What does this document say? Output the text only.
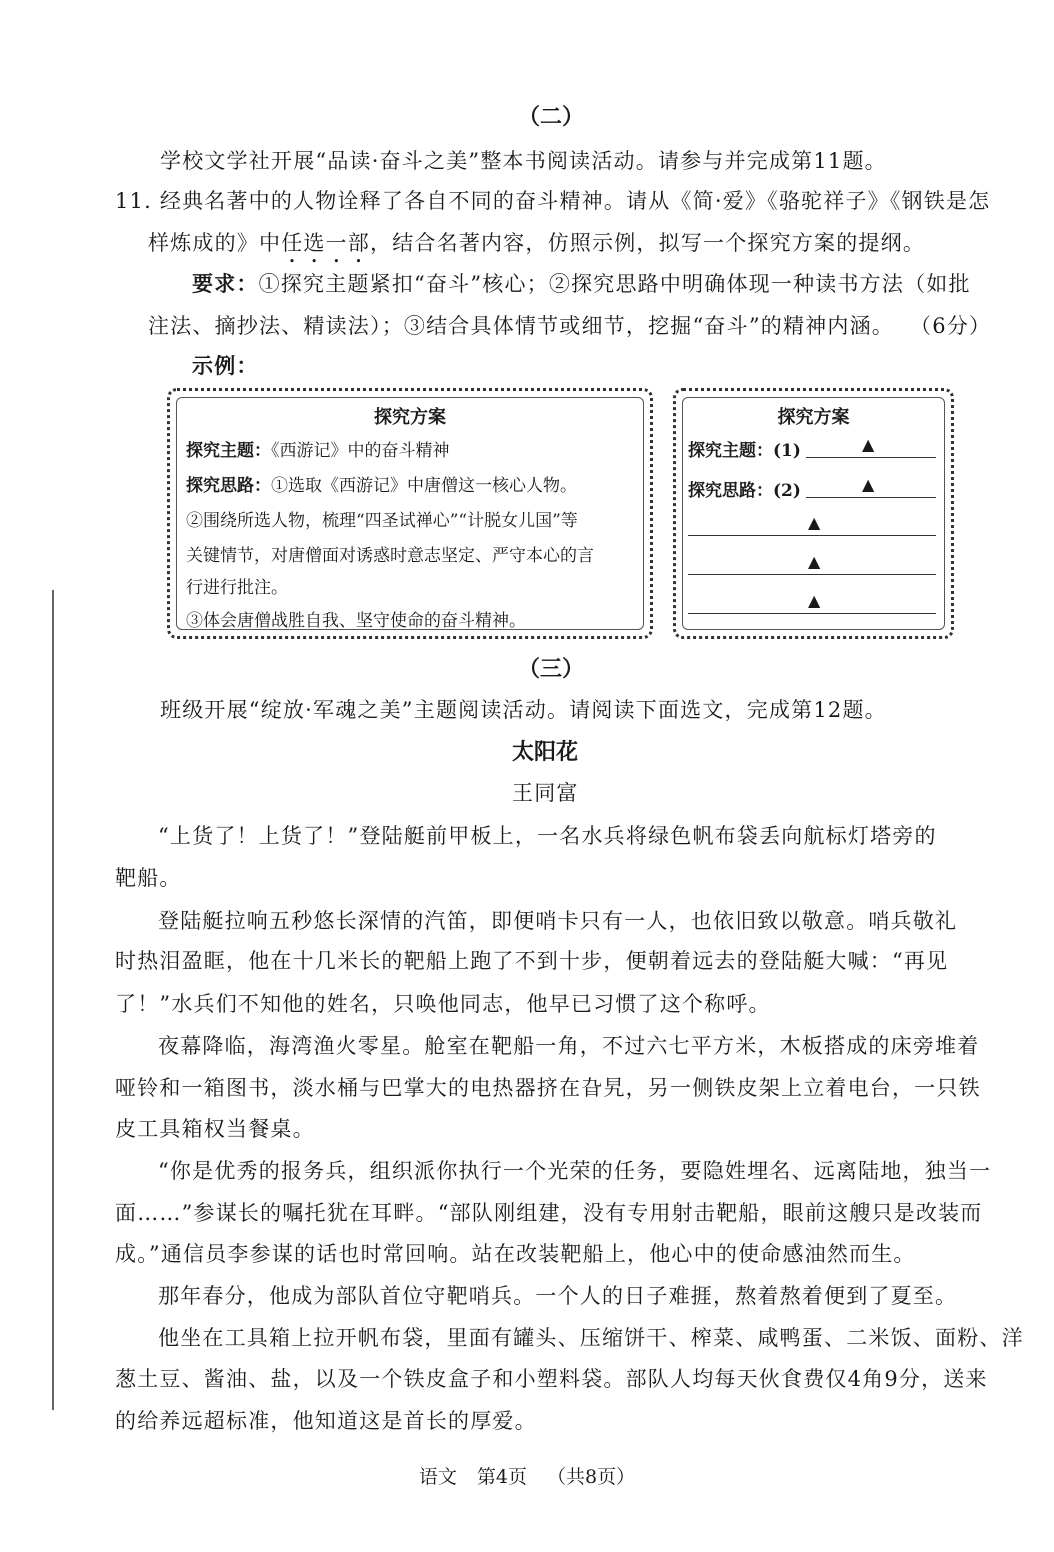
（二）
学校文学社开展“品读·奋斗之美”整本书阅读活动。请参与并完成第11题。
11. 经典名著中的人物诠释了各自不同的奋斗精神。请从《简·爱》《骆驼祥子》《钢铁是怎
样炼成的》中任选一部，结合名著内容，仿照示例，拟写一个探究方案的提纲。
要求：①探究主题紧扣“奋斗”核心；②探究思路中明确体现一种读书方法（如批
注法、摘抄法、精读法）；③结合具体情节或细节，挖掘“奋斗”的精神内涵。 （6分）
示例：
探究方案
探究主题：《西游记》中的奋斗精神
探究思路：①选取《西游记》中唐僧这一核心人物。
②围绕所选人物，梳理“四圣试禅心”“计脱女儿国”等
关键情节，对唐僧面对诱惑时意志坚定、严守本心的言
行进行批注。
③体会唐僧战胜自我、坚守使命的奋斗精神。
探究方案
探究主题：(1)	▲
探究思路：(2)	▲
▲
▲
▲
（三）
班级开展“绽放·军魂之美”主题阅读活动。请阅读下面选文，完成第12题。
太阳花
王同富
“上货了！上货了！”登陆艇前甲板上，一名水兵将绿色帆布袋丢向航标灯塔旁的
靶船。
登陆艇拉响五秒悠长深情的汽笛，即便哨卡只有一人，也依旧致以敬意。哨兵敬礼
时热泪盈眶，他在十几米长的靶船上跑了不到十步，便朝着远去的登陆艇大喊：“再见
了！”水兵们不知他的姓名，只唤他同志，他早已习惯了这个称呼。
夜幕降临，海湾渔火零星。舱室在靶船一角，不过六七平方米，木板搭成的床旁堆着
哑铃和一箱图书，淡水桶与巴掌大的电热器挤在旮旯，另一侧铁皮架上立着电台，一只铁
皮工具箱权当餐桌。
“你是优秀的报务兵，组织派你执行一个光荣的任务，要隐姓埋名、远离陆地，独当一
面……”参谋长的嘱托犹在耳畔。“部队刚组建，没有专用射击靶船，眼前这艘只是改装而
成。”通信员李参谋的话也时常回响。站在改装靶船上，他心中的使命感油然而生。
那年春分，他成为部队首位守靶哨兵。一个人的日子难捱，熬着熬着便到了夏至。
他坐在工具箱上拉开帆布袋，里面有罐头、压缩饼干、榨菜、咸鸭蛋、二米饭、面粉、洋
葱土豆、酱油、盐，以及一个铁皮盒子和小塑料袋。部队人均每天伙食费仅4角9分，送来
的给养远超标准，他知道这是首长的厚爱。
语文 第4页 （共8页）
